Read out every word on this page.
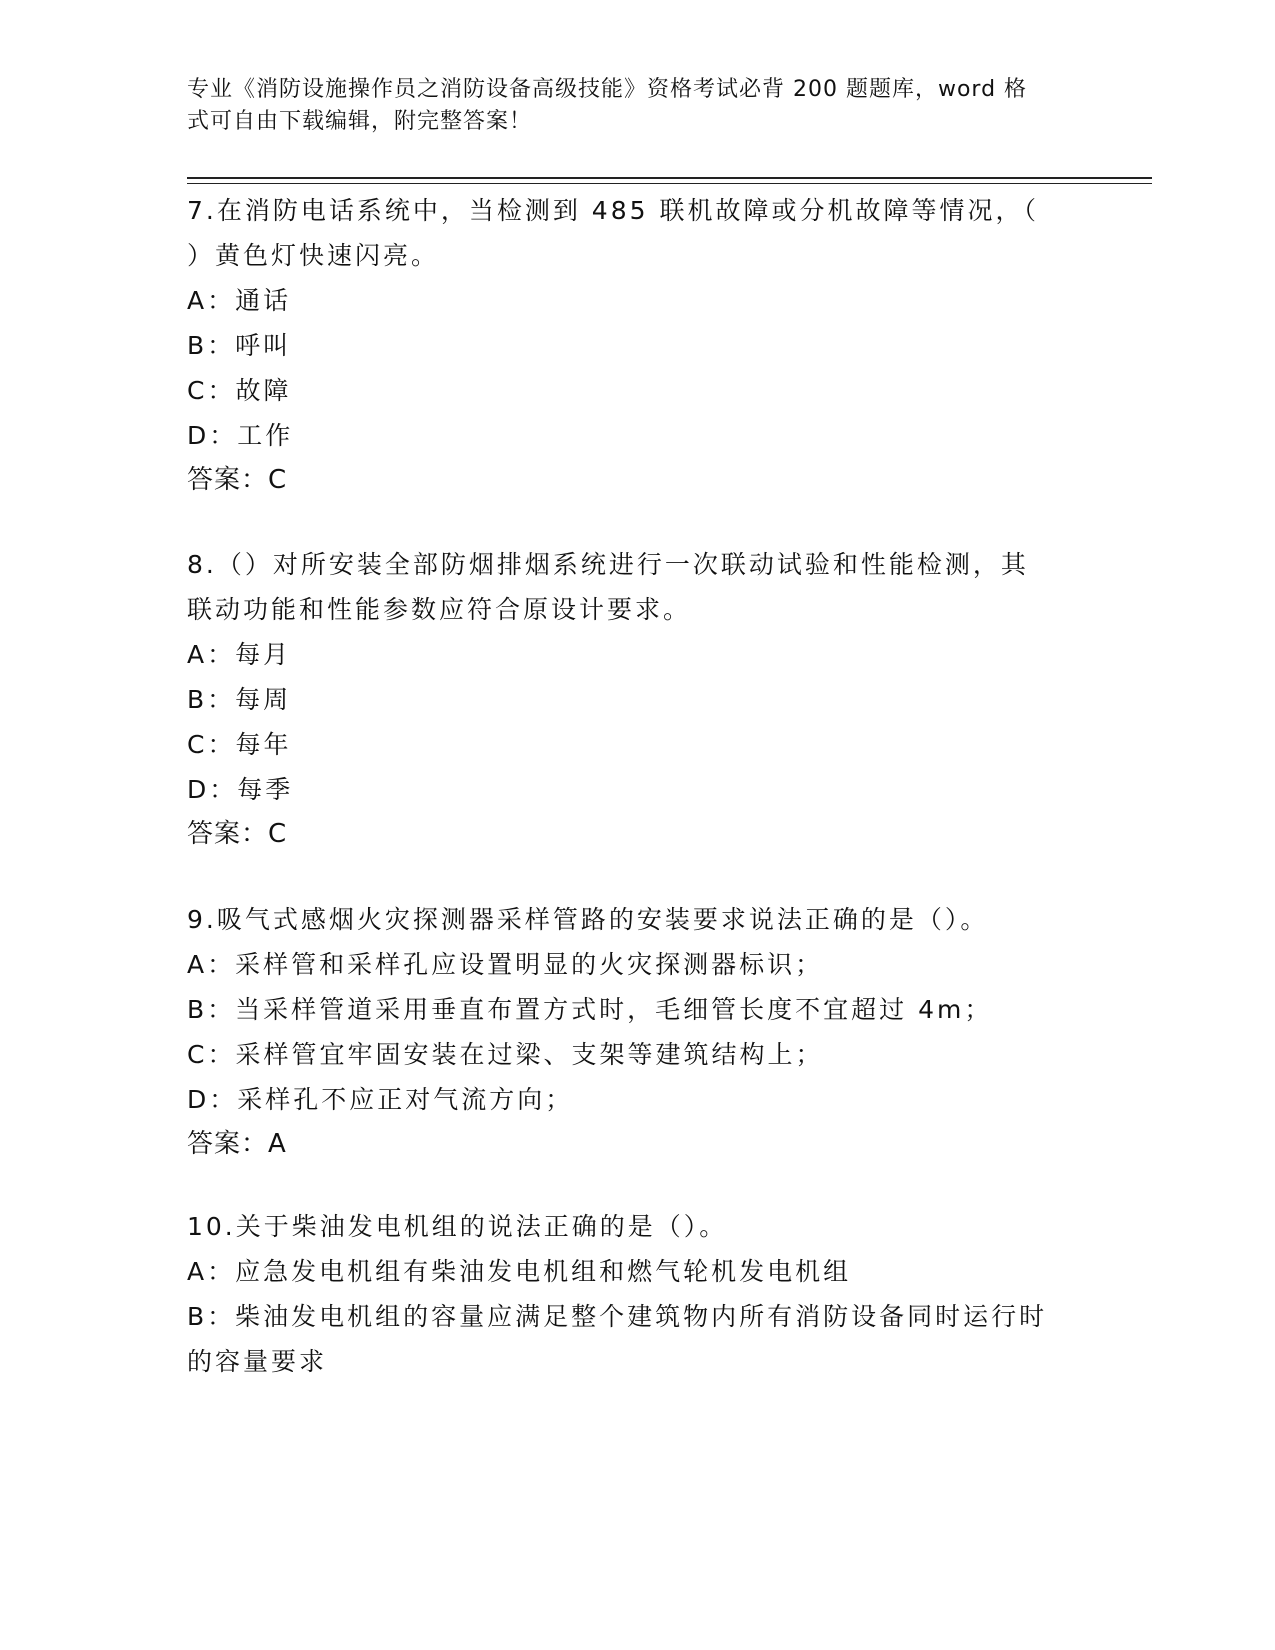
专业《消防设施操作员之消防设备高级技能》资格考试必背 200 题题库，word 格
式可自由下载编辑，附完整答案！
7.在消防电话系统中，当检测到 485 联机故障或分机故障等情况，（
）黄色灯快速闪亮。
A：通话
B：呼叫
C：故障
D：工作
答案：C
8.（）对所安装全部防烟排烟系统进行一次联动试验和性能检测，其
联动功能和性能参数应符合原设计要求。
A：每月
B：每周
C：每年
D：每季
答案：C
9.吸气式感烟火灾探测器采样管路的安装要求说法正确的是（）。
A：采样管和采样孔应设置明显的火灾探测器标识；
B：当采样管道采用垂直布置方式时，毛细管长度不宜超过 4m；
C：采样管宜牢固安装在过梁、支架等建筑结构上；
D：采样孔不应正对气流方向；
答案：A
10.关于柴油发电机组的说法正确的是（）。
A：应急发电机组有柴油发电机组和燃气轮机发电机组
B：柴油发电机组的容量应满足整个建筑物内所有消防设备同时运行时
的容量要求
